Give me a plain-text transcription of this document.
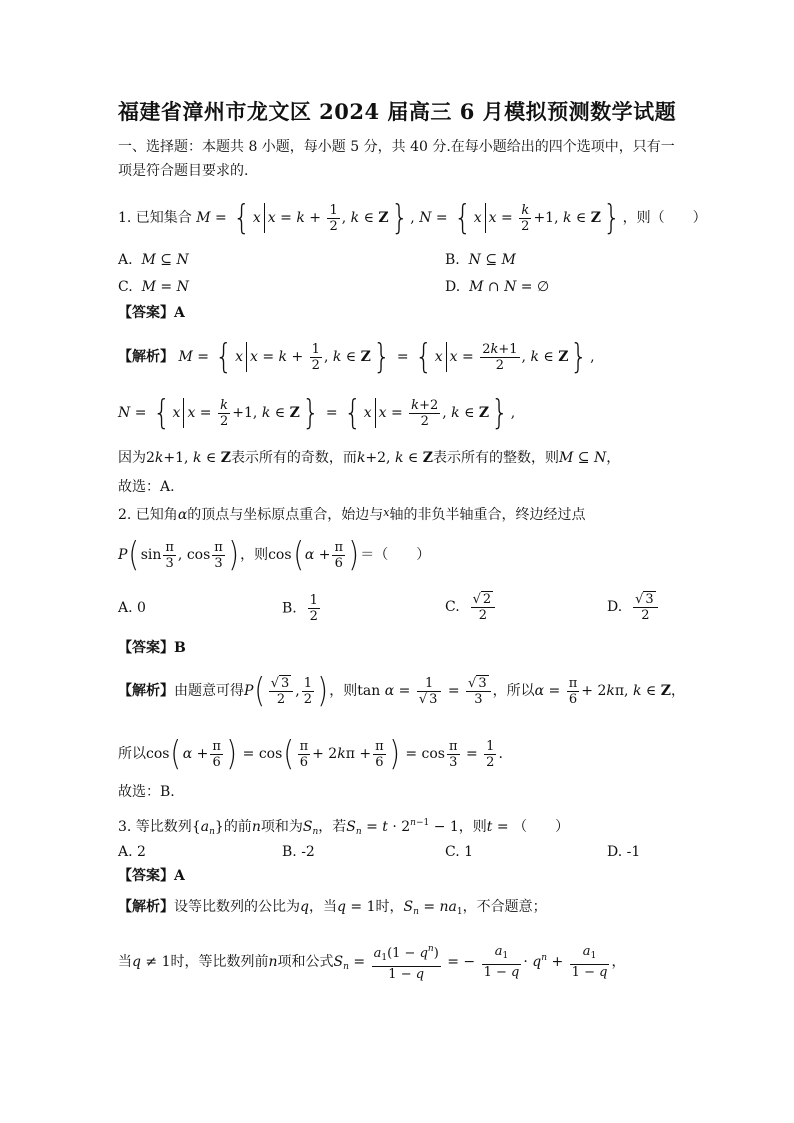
福建省漳州市龙文区 2024 届高三 6 月模拟预测数学试题
一、选择题：本题共 8 小题，每小题 5 分，共 40 分.在每小题给出的四个选项中，只有一
项是符合题目要求的.
1. 已知集合 M = { x $x = k + \frac{1}{2}$ , k ∈ Z} , N = { x $x = \frac{k}{2} +1$, k ∈ Z} ，则（　　）
A. M ⊆ N	B. N ⊆ M
C. M = N	D. M ∩ N = ∅
【答案】A
【解析】 M = { x $x = k + \frac{1}{2}$ , k ∈ Z} = { x $x = \frac{2k+1}{2}$ , k ∈ Z} ,
N = { x $x = \frac{k}{2} +1$, k ∈ Z} = { x $x = \frac{k+2}{2}$ , k ∈ Z} ,
因为2k+1, k ∈ Z表示所有的奇数，而k+2, k ∈ Z表示所有的整数，则M ⊆ N，
故选：A.
2. 已知角α的顶点与坐标原点重合，始边与$^x$轴的非负半轴重合，终边经过点
$P(\sin \frac{\pi}{3}$ , $\cos \frac{\pi}{3}$ )，则$\cos(\alpha + \frac{\pi}{6}$ )＝（　　）
A. 0	B. $\frac{1}{2}$	C. $\frac{√ 2}{2}$	D. $\frac{√ 3}{2}$
【答案】B
【解析】由题意可得$P( \frac{√ 3}{2}$ , $\frac{1}{2}$ )，则$\tan \alpha = \frac{1}{√ 3} = \frac{√ 3}{3}$ ，所以$\alpha = \frac{\pi}{6} + 2k\pi$, k ∈ Z，
所以$\cos(\alpha + \frac{\pi}{6}$ ) = $\cos( \frac{\pi}{6} + 2k\pi + \frac{\pi}{6}$ ) = $\cos \frac{\pi}{3} = \frac{1}{2}$ .
故选：B.
3. 等比数列$\{a_n\}$的前n项和为$S_n$，若$S_n = t \cdot 2^{n-1} - 1$，则t = （　　）
A. 2	B. -2	C. 1	D. -1
【答案】A
【解析】设等比数列的公比为q，当q = 1时，$S_n = na_1$，不合题意；
当q ≠ 1时，等比数列前n项和公式$S_n = \frac{a_1(1 - q^n)}{1 - q}$ = − $\frac{a_1}{1 - q} \cdot q^n + \frac{a_1}{1 - q}$ ，
